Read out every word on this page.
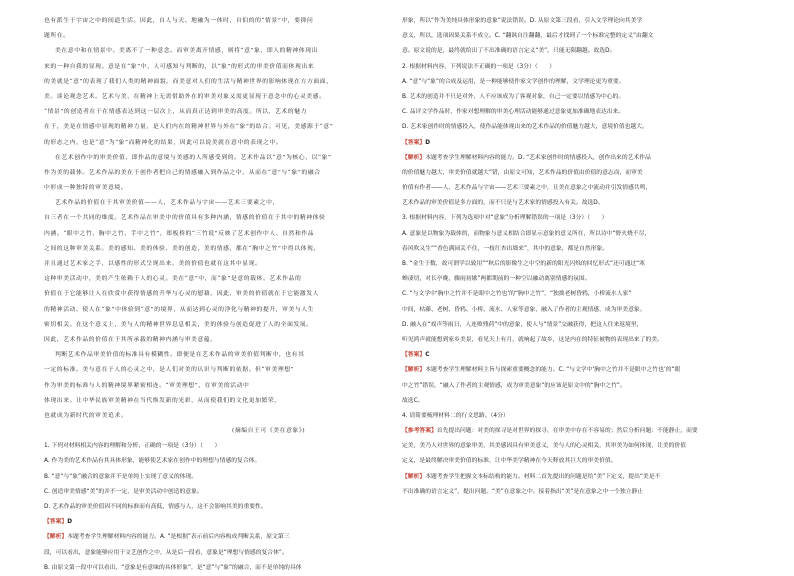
也有派生于宇宙之中的间道生活。因此，自人与天、地融为一体时，自伯的的“情景”中，要抑问
题所在。
美在意中和在情景中。美离不了一种意念。而审美离开情感，则将“意”象，即人的精神体现出
来的一种自我的显现。意是在“象”中，人可感知与判断的，以“象”的形式的审美价值而体现出来
的美就是“意”的表现了我们人类的精神面貌。而美意对人们的生活与精神世界的影响体现在方方面面，
美。谈论观念艺术。艺术与美、在精神上无需借助外在的审美对象又需更显现于意念中的心灵美感。
“情景”的创造者在于在情感表达到这一层次上，从而真正达到审美的高度。所以，艺术的魅力
在于，美是在情感中显现的精神力量，是人们内在的精神世界与外在“象”的结合。可见，美感源于“意”
的形态之内，也是“意”为“象”而精神化的结果，因此可以说美就在意中的表现之中。
在艺术创作中的审美价值，即作品的意境与美感的人所感受到的。艺术作品以“意”为核心，以“象”
作为美的载体。艺术作品的美在于创作者把自己的情感融入到作品之中，从而在“意”与“象”的融合
中形成一种独特的审美意境。
艺术作品的价值在于其审美价值——人，艺术作品与宇宙——艺术三要素之中，
自三者在一个共同的维度。艺术作品在审美中的价值具有多种内涵，情感的价值在于其中的精神体验
内涵。“眼中之竹，胸中之竹，手中之竹”，郑板桥的“三竹说”反映了艺术创作中人、自然和作品
之间的这种审美关系。美的感知、美的体验、美的创造，美的情感，都在“胸中之竹”中得以体现，
并且通过艺术家之手，以感性的形式呈现出来。美的价值也就在这其中显现。
这种审美活动中，美的产生依赖于人的心灵。美在“意”中，而“象”是意的载体。艺术作品的
价值在于它能够让人在欣赏中获得情感的升华与心灵的慰藉。因此，审美的价值就在于它能激发人
的精神活动，使人在“象”中体验到“意”的境界，从而达到心灵的净化与精神的提升，审美与人生
密切相关。在这个意义上，美与人的精神世界息息相关，美的体验与创造促进了人的全面发展。
因此，艺术作品的价值在于其所承载的精神内涵与审美意蕴。
判断艺术作品审美价值的标准具有模糊性。即便是在艺术作品的审美价值判断中，也有其
一定的标准。美与意在于人的心灵之中，是人们对美的认识与判断的依据。但“审美理想”
作为审美的标准与人的精神境界紧密相连。“审美理想”，在审美的活动中
体现出来。让中华民族审美精神在当代焕发新的光彩，从而使我们的文化更加繁荣，
也就成为新时代的审美追求。
(摘编自王可《美在意象》)
1. 下列对材料相关内容的理解和分析，正确的一项是（3分）（　　）
A. 作为美的艺术作品有其具体形象，能够使艺术家在创作中的理想与情感的复合体。
B. “意”与“象”融合的意象并不是单纯上实现了意义的体现。
C. 创造审美情感“美”的并不一定，是审美活动中创造的意象。
D. 艺术作品的审美价值因不同的标准而有高低，情感与人，这不会影响其美的重要性。
【答案】D
【解析】本题考查学生理解材料内容的能力。A. “是根据”表示前后内容构成判断关系，原文第三
段，可以看出，意象能够应用于文艺创作之中，从是后一段看，意象是“理想与情感的复合体”。
B. 由原文第一段中可以看出，“意象是有意味的具体形象”，是“意”与“象”的融合，而不是单纯的具体
形象，所以“作为美纯具体形象的意象”说法错误。D. 从原文第三段看，引入文学理论向其美学
意义，所以，选项因果关系不成立。C. “翻讽自注翻翻，最后才找到了一个标准完整的定义”由翻文
意。原文说的是，最终就给出了不出准确的语言定义“美”，只能无限翻越。故选D。
2. 根据材料内容，下列说法不正确的一项是（3分）（　　）
A. “意”与“象”的合成及运用，是一种能够使作家文学创作的理解，文学理论更为重要。
B. 艺术的创造并不只是对外，人不应该成为了客观对象，自己一定要以情感为中心的。
C. 品评文学作品时，作家对想理解的审美心理活动能够通过意象更加准确地表达出来。
D. 艺术家创作时的情感投入，使作品能体现出来的艺术作品的价值魅力越大，意境价值也越大。
【答案】D
【解析】本题考查学生理解材料内容的能力。D. “艺术家创作时的情感投入，创作出来的艺术作品
的价值魅力越大，审美价值就越大”错，由原文可知，艺术作品的价值由价值的意志而，而审美
价值有作者——人，艺术作品与宇宙——艺术三要素之中，且美在意象之中流动并引发情感共鸣，
艺术作品的审美价值是多方面的，而不只是与艺术家的情感投入有关。故选D。
3. 根据材料内容，下列为选项中对“意象”分析理解错误的一项是（3分）（　　）
A. 意象是以物象为载体的，而物象与意义相结合即显示意象的意义所在，所以诗中“野火烧不尽，
春风吹又生”“香色满园关不住，一枝红杏出墙来”，其中的意象，都是自然形象。
B. “金生于数，故可谓学以致用”“秋后的影像生之中空的新的阳光闪烁的回忆形式”还可通过“寒
蝉凄切，对长亭晚，骤雨初歇”两都期前的一种空以融动离别情感的氛围。
C. “与文学中‘胸中之竹并不是眼中之竹也’的“胸中之竹”，“独拙老树昏鸦，小桥流水人家”
中间，枯藤、老树、昏鸦、小桥、流水、人家等意象，融入了作者的主观情感，成为审美意象。
D. 融入在“戏声等雨日，人连败残荷”中的意象，使人与“情景”交融获得，把这人往来返境里，
听见鸿声就能想到家乡美景，看见天上有月，就响起了故乡，这是内在的特征被物的表现出来了的美。
【答案】C
【解析】本题考查学生理解材料主旨与探索重要概念的能力。C. “与文学中‘胸中之竹并不是眼中之竹也’的“眼
中之竹”错误，“融入了作者的主观情感，成为审美意象”的应该是原文中的“胸中之竹”。
故选C。
4. 请简要梳理材料二的行文思路。（4分）
【参考答案】首先提出问题：对美的探寻是对世界的探寻，在审美中存在不容易的；然后分析问题：不能静止，而要
定美，美乃人对世界的意象审美，其美感因具有审美意义，美与人的心灵相关，其审美为如何体现，让美的价值
定义，是最终解决审美价值的标准，让中华美学精神在今天释放其巨大的审美价值。
【解析】本题考查学生把握文本标结构的能力。材料二首先提出的问题是给“美”下定义，提出“美是不
不出准确的语言定义”，提出问题。“美”在意象之中。接着指出“美”是在意象之中一个独立静止
